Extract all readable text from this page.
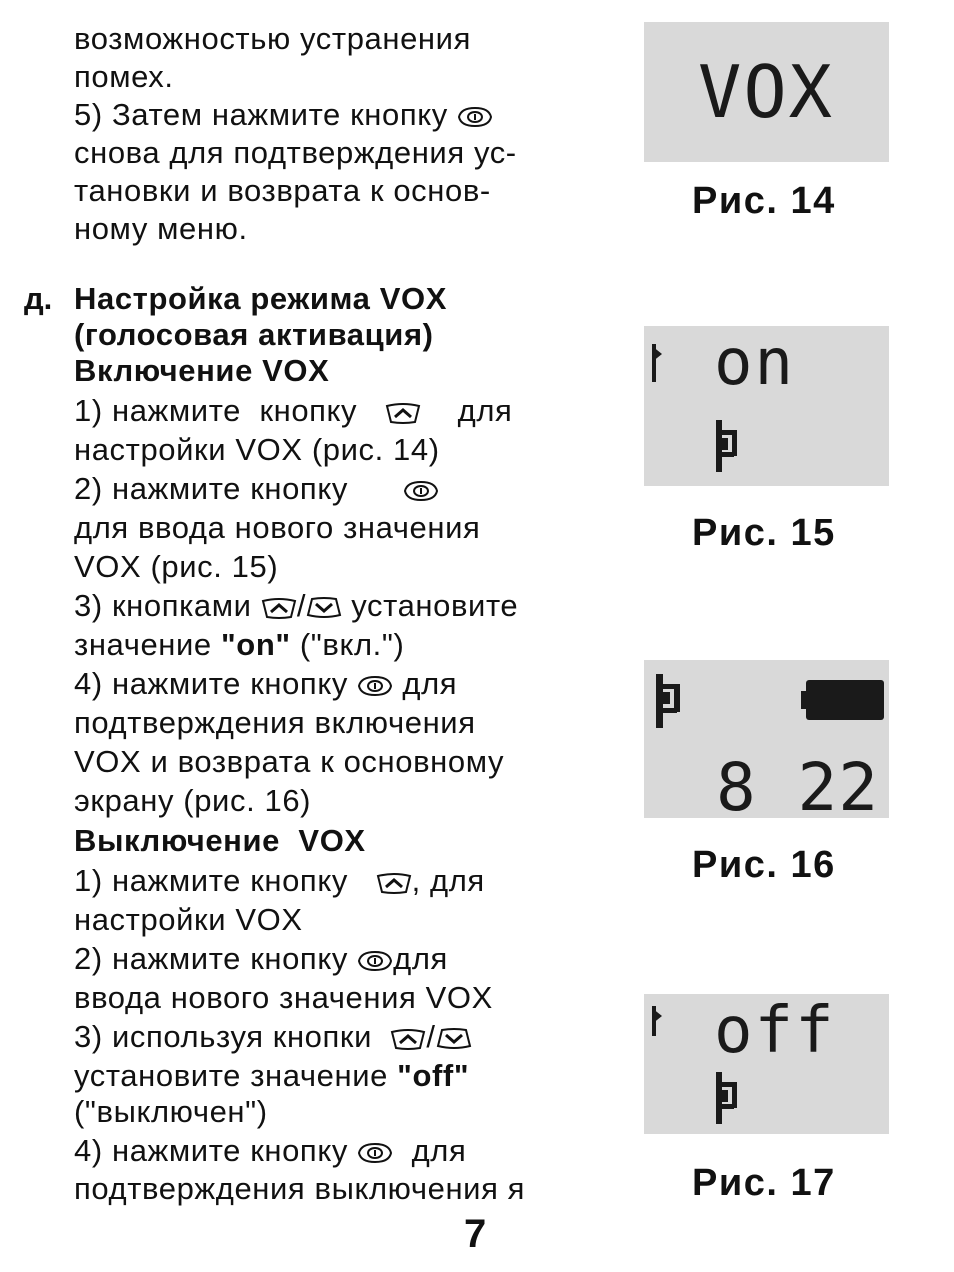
возможностью устранения
помех.
5) Затем нажмите кнопку
снова для подтверждения ус-
тановки и возврата к основ-
ному меню.
д. Настройка режима VOX
(голосовая активация)
Включение VOX
1) нажмите кнопку	для
настройки VOX (рис. 14)
2) нажмите кнопку
для ввода нового значения
VOX (рис. 15)
3) кнопками / установите
значение "on" ("вкл.")
4) нажмите кнопку для
подтверждения включения
VOX и возврата к основному
экрану (рис. 16)
Выключение  VOX
1) нажмите кнопку , для
настройки VOX
2) нажмите кнопку для
ввода нового значения VOX
3) используя кнопки /
установите значение "off"
("выключен")
4) нажмите кнопку для
подтверждения выключения я
VOX
Рис. 14
on
Рис. 15
8 22
Рис. 16
off
Рис. 17
7
